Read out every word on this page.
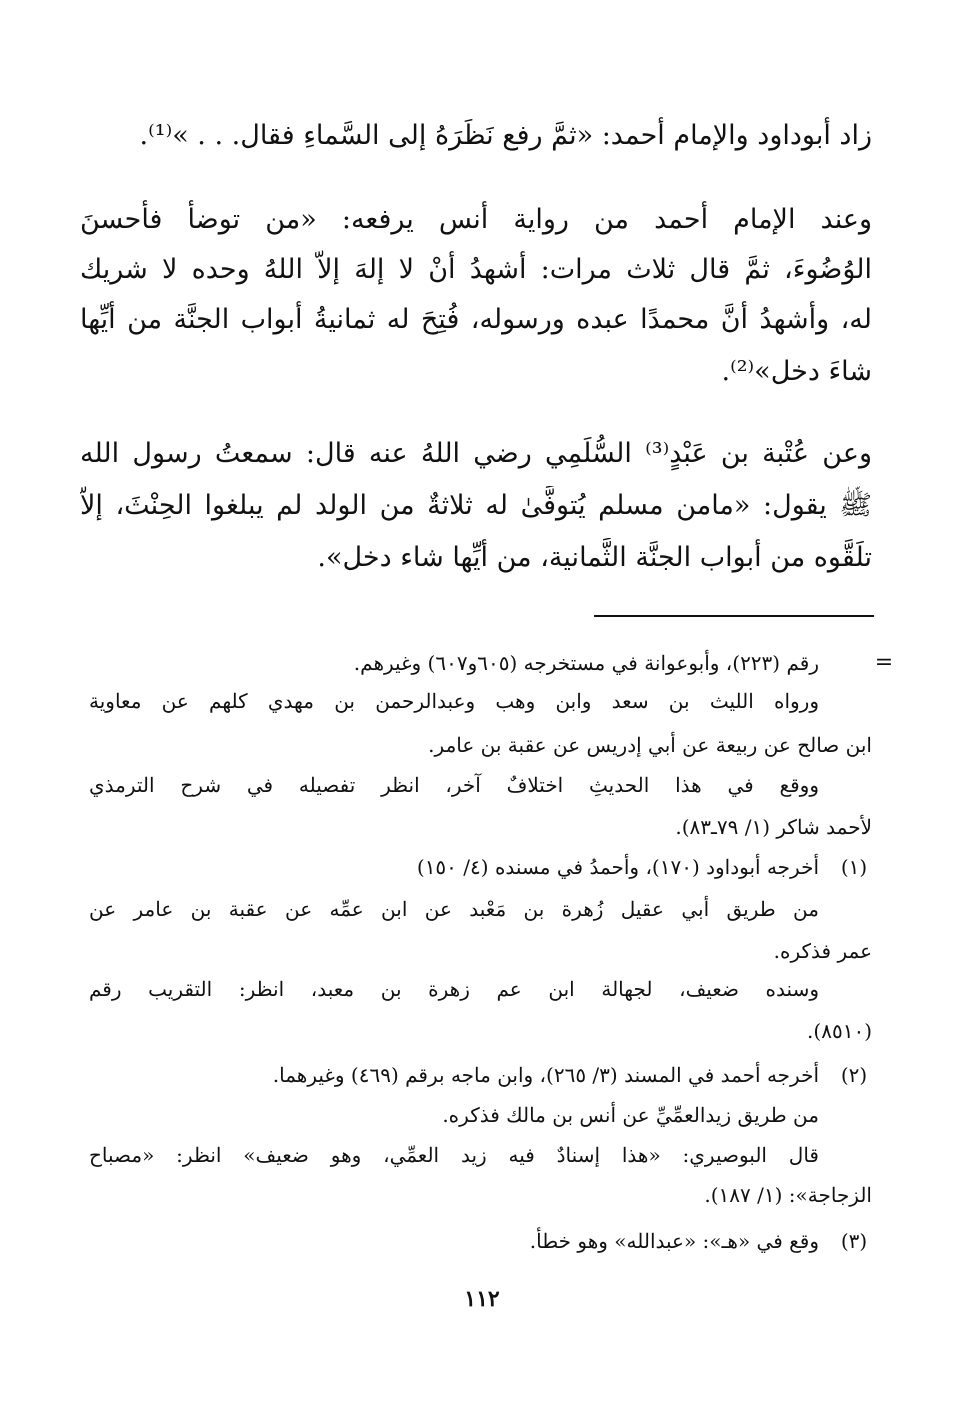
زاد أبوداود والإمام أحمد: «ثمَّ رفع نَظَرَهُ إلى السَّماءِ فقال. . . »⁽¹⁾.
وعند الإمام أحمد من رواية أنس يرفعه: «من توضأ فأحسنَ
الوُضُوءَ، ثمَّ قال ثلاث مرات: أشهدُ أنْ لا إلهَ إلاَّ اللهُ وحده لا شريك
له، وأشهدُ أنَّ محمدًا عبده ورسوله، فُتِحَ له ثمانيةُ أبواب الجنَّة من أيِّها
شاءَ دخل»⁽²⁾.
وعن عُتْبة بن عَبْدٍ⁽³⁾ السُّلَمِي رضي اللهُ عنه قال: سمعتُ رسول الله
ﷺ يقول: «مامن مسلم يُتوفَّىٰ له ثلاثةٌ من الولد لم يبلغوا الحِنْثَ، إلاَّ
تلَقَّوه من أبواب الجنَّة الثَّمانية، من أيِّها شاء دخل».
=
رقم (٢٢٣)، وأبوعوانة في مستخرجه (٦٠٥و٦٠٧) وغيرهم.
ورواه الليث بن سعد وابن وهب وعبدالرحمن بن مهدي كلهم عن معاوية
ابن صالح عن ربيعة عن أبي إدريس عن عقبة بن عامر.
ووقع في هذا الحديثِ اختلافٌ آخر، انظر تفصيله في شرح الترمذي
لأحمد شاكر (١/ ٧٩ـ٨٣).
(١)
أخرجه أبوداود (١٧٠)، وأحمدُ في مسنده (٤/ ١٥٠)
من طريق أبي عقيل زُهرة بن مَعْبد عن ابن عمِّه عن عقبة بن عامر عن
عمر فذكره.
وسنده ضعيف، لجهالة ابن عم زهرة بن معبد، انظر: التقريب رقم
(٨٥١٠).
(٢)
أخرجه أحمد في المسند (٣/ ٢٦٥)، وابن ماجه برقم (٤٦٩) وغيرهما.
من طريق زيدالعمِّيِّ عن أنس بن مالك فذكره.
قال البوصيري: «هذا إسنادٌ فيه زيد العمِّي، وهو ضعيف» انظر: «مصباح
الزجاجة»: (١/ ١٨٧).
(٣)
وقع في «هـ»: «عبدالله» وهو خطأ.
١١٢
